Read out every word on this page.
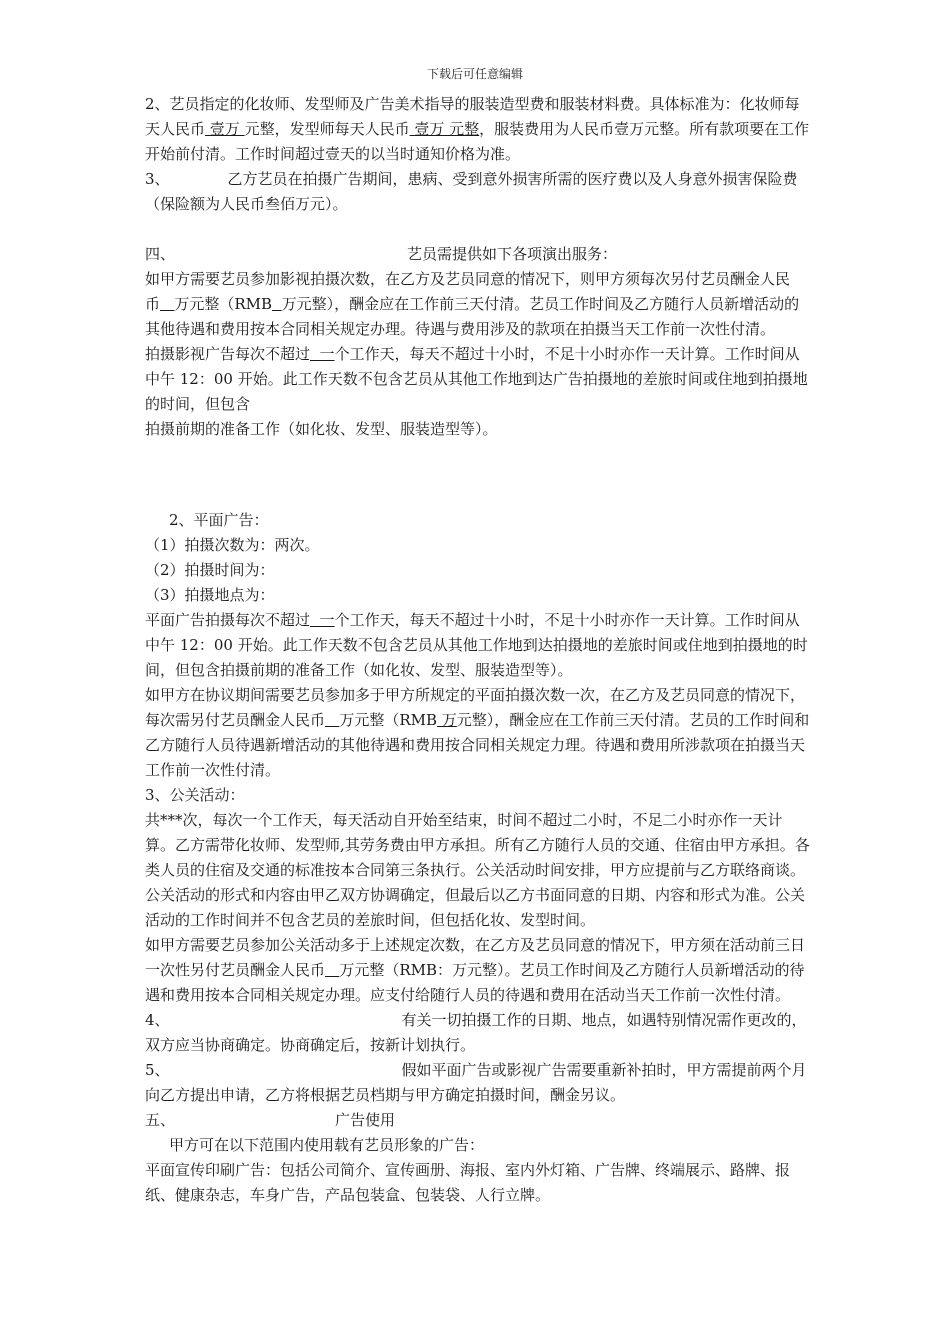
下载后可任意编辑

2、艺员指定的化妆师、发型师及广告美术指导的服装造型费和服装材料费。具体标准为：化妆师每天人民币 壹万 元整，发型师每天人民币 壹万 元整，服装费用为人民币壹万元整。所有款项要在工作开始前付清。工作时间超过壹天的以当时通知价格为准。

3、	乙方艺员在拍摄广告期间，患病、受到意外损害所需的医疗费以及人身意外损害保险费（保险额为人民币叁佰万元）。

四、	艺员需提供如下各项演出服务：

如甲方需要艺员参加影视拍摄次数，在乙方及艺员同意的情况下，则甲方须每次另付艺员酬金人民币 万元整（RMB 万元整），酬金应在工作前三天付清。艺员工作时间及乙方随行人员新增活动的其他待遇和费用按本合同相关规定办理。待遇与费用涉及的款项在拍摄当天工作前一次性付清。

拍摄影视广告每次不超过  一个工作天，每天不超过十小时，不足十小时亦作一天计算。工作时间从中午 12：00 开始。此工作天数不包含艺员从其他工作地到达广告拍摄地的差旅时间或住地到拍摄地的时间，但包含

拍摄前期的准备工作（如化妆、发型、服装造型等）。

2、平面广告：

（1）拍摄次数为：两次。

（2）拍摄时间为：

（3）拍摄地点为：

平面广告拍摄每次不超过  一个工作天，每天不超过十小时，不足十小时亦作一天计算。工作时间从中午 12：00 开始。此工作天数不包含艺员从其他工作地到达拍摄地的差旅时间或住地到拍摄地的时间，但包含拍摄前期的准备工作（如化妆、发型、服装造型等）。

如甲方在协议期间需要艺员参加多于甲方所规定的平面拍摄次数一次，在乙方及艺员同意的情况下，每次需另付艺员酬金人民币 万元整（RMB 万元整），酬金应在工作前三天付清。艺员的工作时间和乙方随行人员待遇新增活动的其他待遇和费用按合同相关规定力理。待遇和费用所涉款项在拍摄当天工作前一次性付清。

3、公关活动：

共***次，每次一个工作天，每天活动自开始至结束，时间不超过二小时，不足二小时亦作一天计算。乙方需带化妆师、发型师,其劳务费由甲方承担。所有乙方随行人员的交通、住宿由甲方承担。各类人员的住宿及交通的标准按本合同第三条执行。公关活动时间安排，甲方应提前与乙方联络商谈。公关活动的形式和内容由甲乙双方协调确定，但最后以乙方书面同意的日期、内容和形式为准。公关活动的工作时间并不包含艺员的差旅时间，但包括化妆、发型时间。

如甲方需要艺员参加公关活动多于上述规定次数，在乙方及艺员同意的情况下，甲方须在活动前三日一次性另付艺员酬金人民币 万元整（RMB：万元整）。艺员工作时间及乙方随行人员新增活动的待遇和费用按本合同相关规定办理。应支付给随行人员的待遇和费用在活动当天工作前一次性付清。

4、	有关一切拍摄工作的日期、地点，如遇特别情况需作更改的，双方应当协商确定。协商确定后，按新计划执行。

5、	假如平面广告或影视广告需要重新补拍时，甲方需提前两个月向乙方提出申请，乙方将根据艺员档期与甲方确定拍摄时间，酬金另议。

五、	广告使用

甲方可在以下范围内使用载有艺员形象的广告：

平面宣传印刷广告：包括公司简介、宣传画册、海报、室内外灯箱、广告牌、终端展示、路牌、报纸、健康杂志，车身广告，产品包装盒、包装袋、人行立牌。
